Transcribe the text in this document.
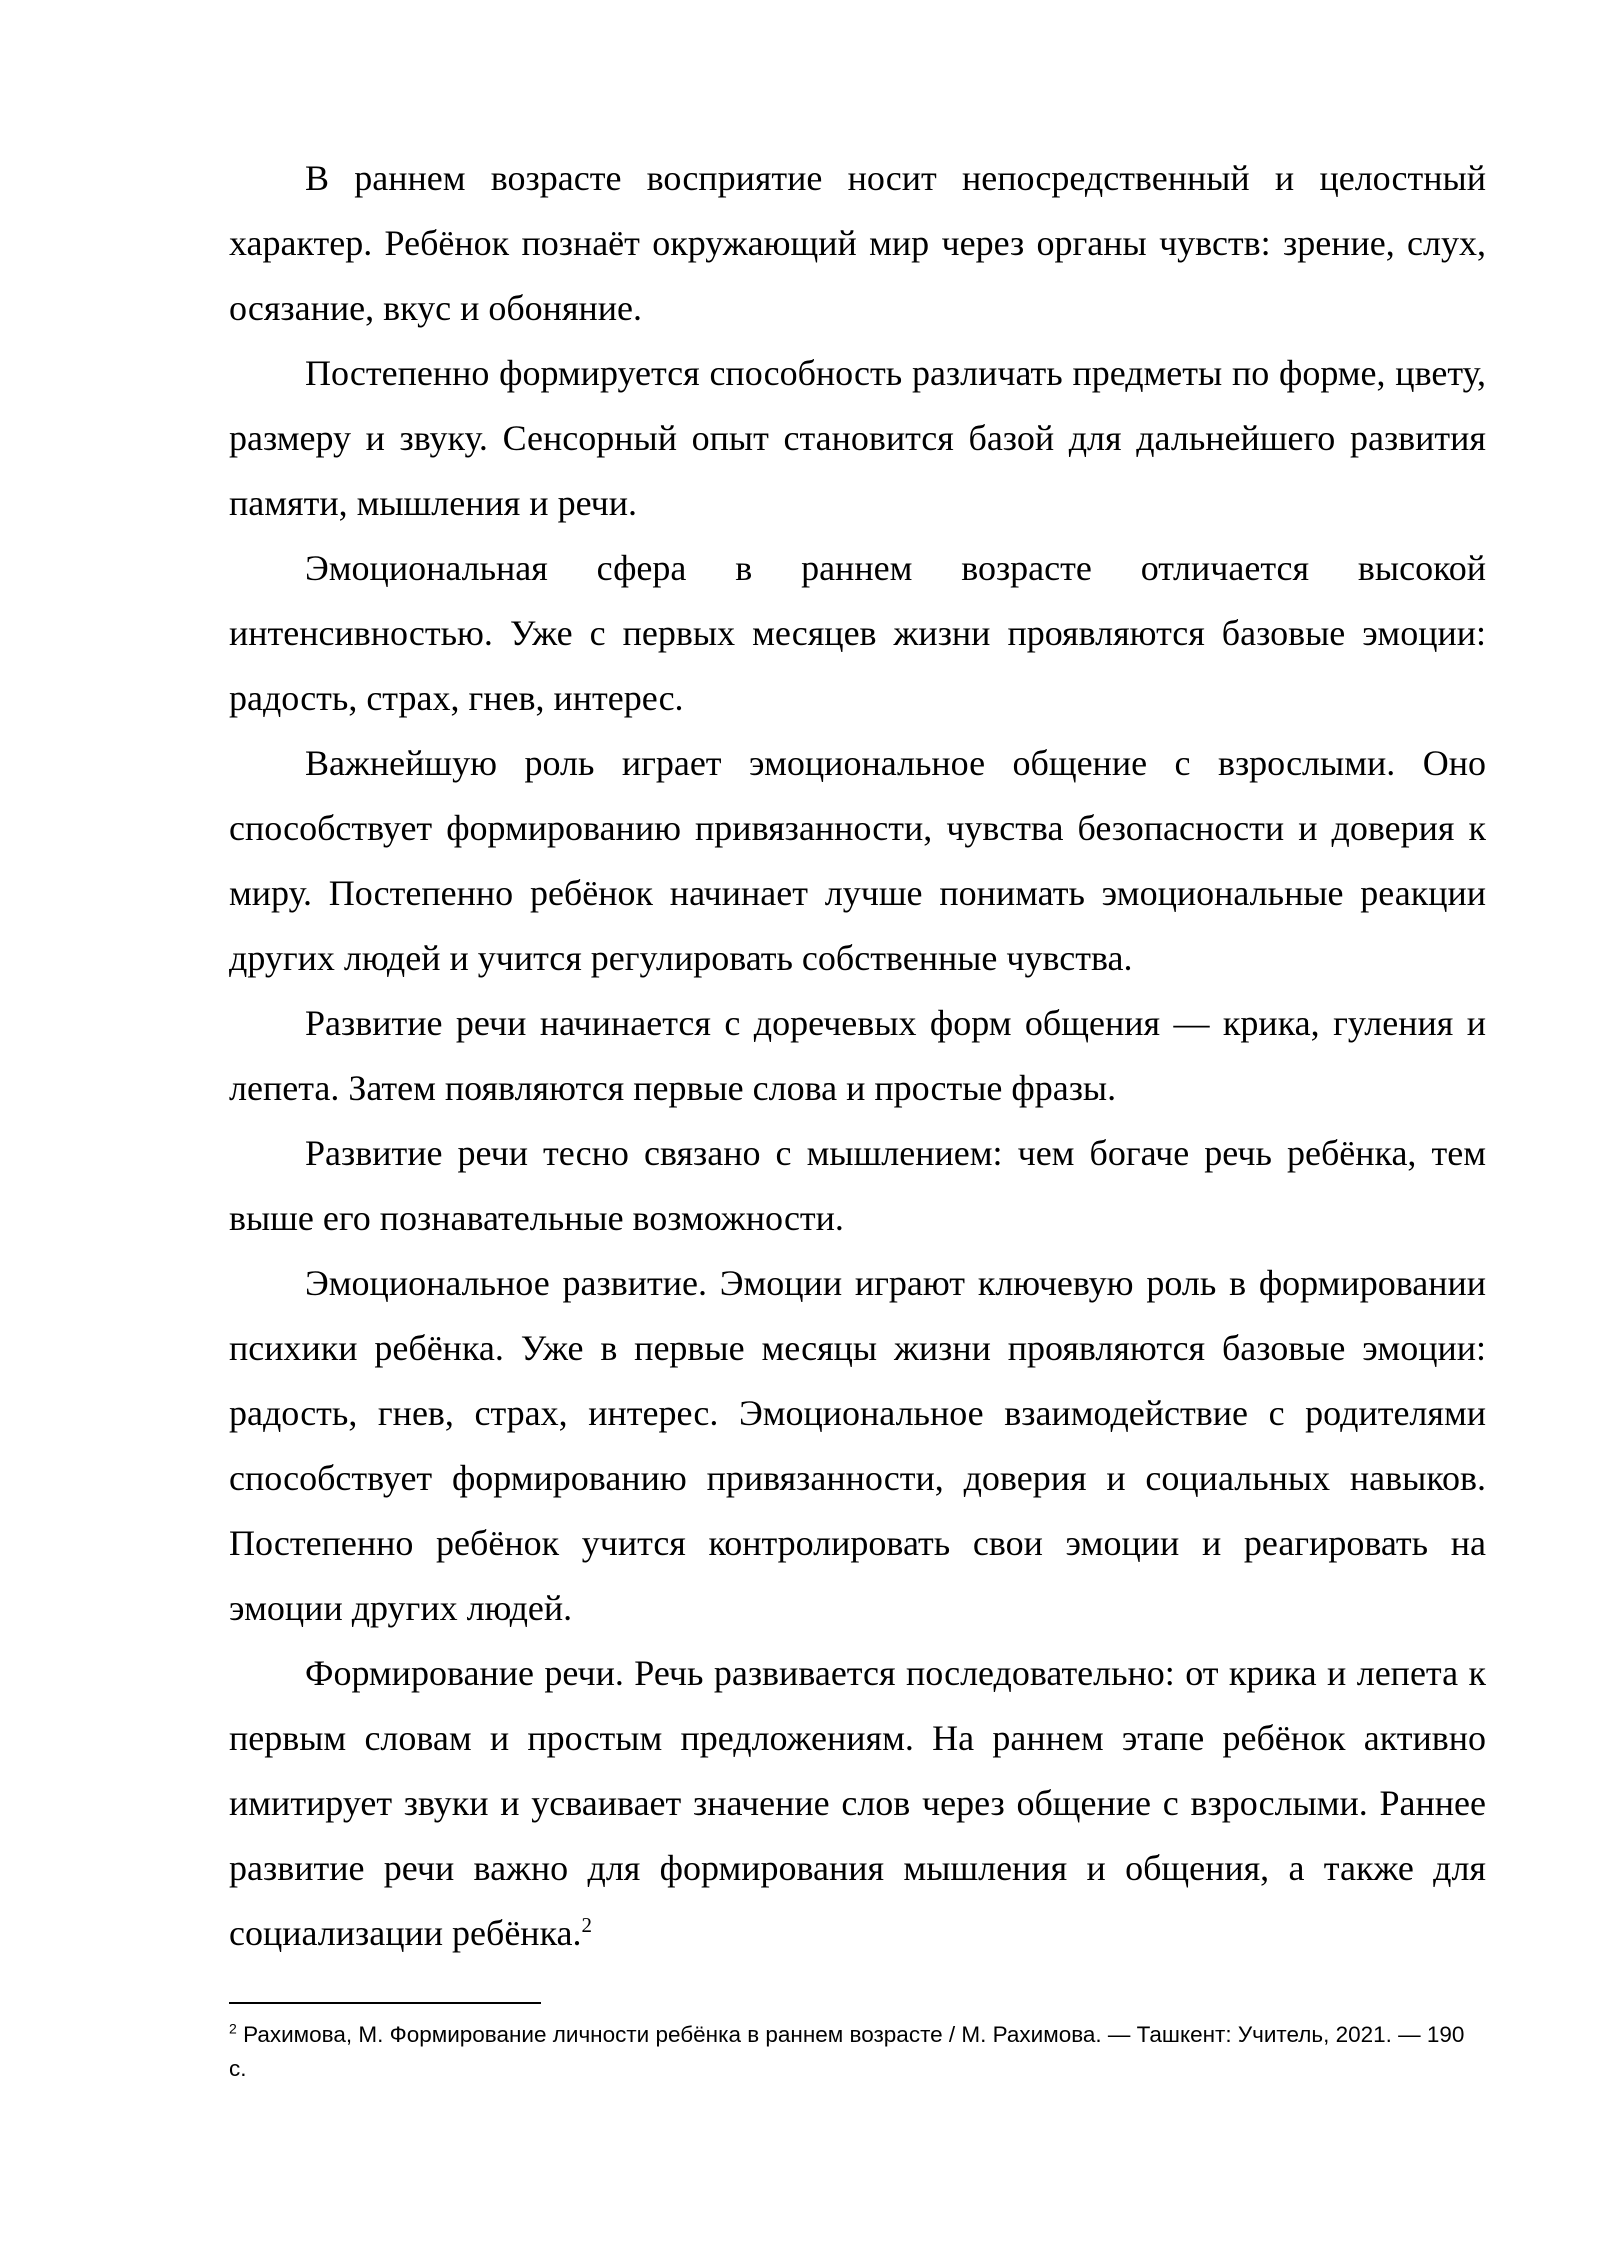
В раннем возрасте восприятие носит непосредственный и целостный характер. Ребёнок познаёт окружающий мир через органы чувств: зрение, слух, осязание, вкус и обоняние.

Постепенно формируется способность различать предметы по форме, цвету, размеру и звуку. Сенсорный опыт становится базой для дальнейшего развития памяти, мышления и речи.

Эмоциональная сфера в раннем возрасте отличается высокой интенсивностью. Уже с первых месяцев жизни проявляются базовые эмоции: радость, страх, гнев, интерес.

Важнейшую роль играет эмоциональное общение с взрослыми. Оно способствует формированию привязанности, чувства безопасности и доверия к миру. Постепенно ребёнок начинает лучше понимать эмоциональные реакции других людей и учится регулировать собственные чувства.

Развитие речи начинается с доречевых форм общения — крика, гуления и лепета. Затем появляются первые слова и простые фразы.

Развитие речи тесно связано с мышлением: чем богаче речь ребёнка, тем выше его познавательные возможности.

Эмоциональное развитие. Эмоции играют ключевую роль в формировании психики ребёнка. Уже в первые месяцы жизни проявляются базовые эмоции: радость, гнев, страх, интерес. Эмоциональное взаимодействие с родителями способствует формированию привязанности, доверия и социальных навыков. Постепенно ребёнок учится контролировать свои эмоции и реагировать на эмоции других людей.

Формирование речи. Речь развивается последовательно: от крика и лепета к первым словам и простым предложениям. На раннем этапе ребёнок активно имитирует звуки и усваивает значение слов через общение с взрослыми. Раннее развитие речи важно для формирования мышления и общения, а также для социализации ребёнка.$^2$

$^2$ Рахимова, М. Формирование личности ребёнка в раннем возрасте / М. Рахимова. — Ташкент: Учитель, 2021. — 190 с.
